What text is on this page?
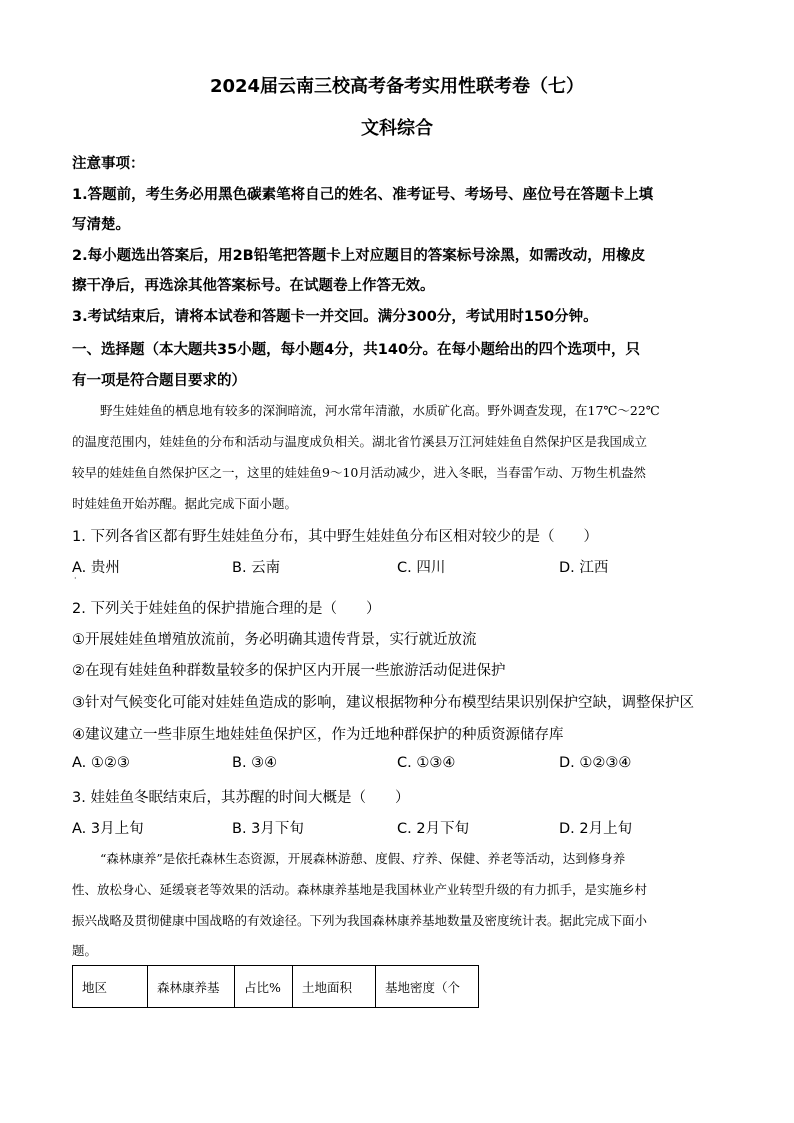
2024届云南三校高考备考实用性联考卷（七）
文科综合
注意事项：
1.答题前，考生务必用黑色碳素笔将自己的姓名、准考证号、考场号、座位号在答题卡上填
写清楚。
2.每小题选出答案后，用2B铅笔把答题卡上对应题目的答案标号涂黑，如需改动，用橡皮
擦干净后，再选涂其他答案标号。在试题卷上作答无效。
3.考试结束后，请将本试卷和答题卡一并交回。满分300分，考试用时150分钟。
一、选择题（本大题共35小题，每小题4分，共140分。在每小题给出的四个选项中，只
有一项是符合题目要求的）
野生娃娃鱼的栖息地有较多的深涧暗流，河水常年清澈，水质矿化高。野外调查发现，在17℃～22℃
的温度范围内，娃娃鱼的分布和活动与温度成负相关。湖北省竹溪县万江河娃娃鱼自然保护区是我国成立
较早的娃娃鱼自然保护区之一，这里的娃娃鱼9～10月活动减少，进入冬眠，当春雷乍动、万物生机盎然
时娃娃鱼开始苏醒。据此完成下面小题。
1. 下列各省区都有野生娃娃鱼分布，其中野生娃娃鱼分布区相对较少的是（　　）
A. 贵州	B. 云南	C. 四川	D. 江西
·
2. 下列关于娃娃鱼的保护措施合理的是（　　）
①开展娃娃鱼增殖放流前，务必明确其遗传背景，实行就近放流
②在现有娃娃鱼种群数量较多的保护区内开展一些旅游活动促进保护
③针对气候变化可能对娃娃鱼造成的影响，建议根据物种分布模型结果识别保护空缺，调整保护区
④建议建立一些非原生地娃娃鱼保护区，作为迁地种群保护的种质资源储存库
A. ①②③	B. ③④	C. ①③④	D. ①②③④
3. 娃娃鱼冬眠结束后，其苏醒的时间大概是（　　）
A. 3月上旬	B. 3月下旬	C. 2月下旬	D. 2月上旬
“森林康养”是依托森林生态资源，开展森林游憩、度假、疗养、保健、养老等活动，达到修身养
性、放松身心、延缓衰老等效果的活动。森林康养基地是我国林业产业转型升级的有力抓手，是实施乡村
振兴战略及贯彻健康中国战略的有效途径。下列为我国森林康养基地数量及密度统计表。据此完成下面小
题。
地区	森林康养基	占比%	土地面积	基地密度（个
